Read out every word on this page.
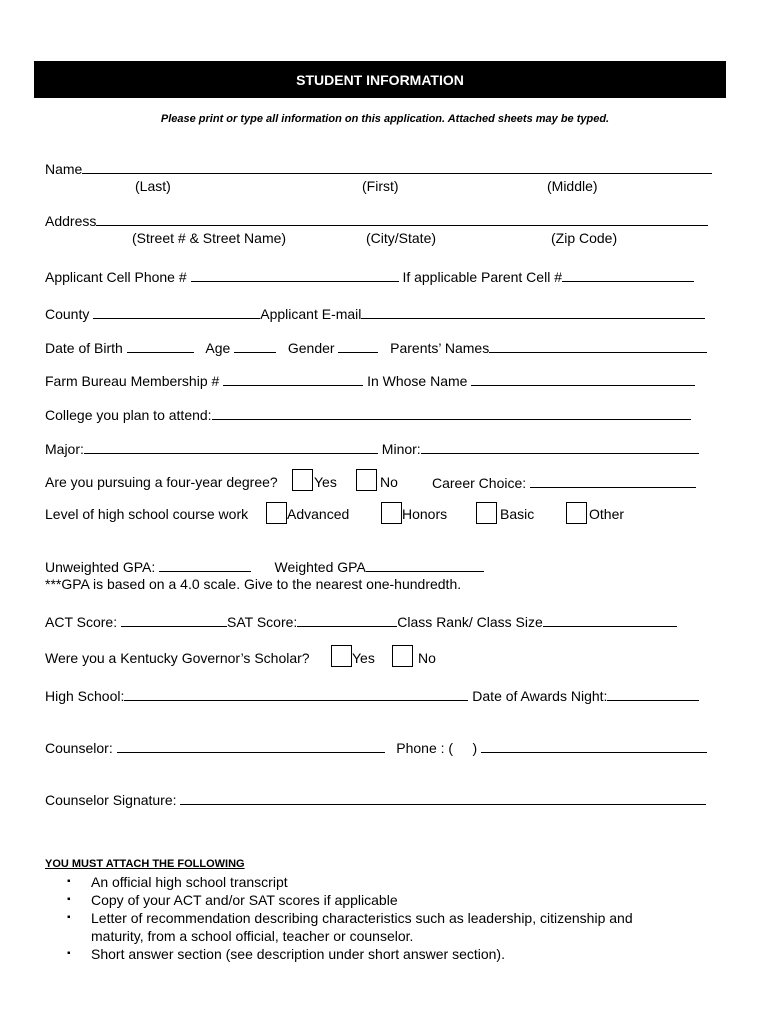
STUDENT INFORMATION
Please print or type all information on this application. Attached sheets may be typed.
Name
(Last)	(First)	(Middle)
Address
(Street # & Street Name)	(City/State)	(Zip Code)
Applicant Cell Phone #	If applicable Parent Cell #
County	Applicant E-mail
Date of Birth	Age	Gender	Parents’ Names
Farm Bureau Membership #	In Whose Name
College you plan to attend:
Major:	Minor:
Are you pursuing a four-year degree?	Yes	No Career Choice:
Level of high school course work	Advanced	Honors	Basic	Other
Unweighted GPA:	Weighted GPA
***GPA is based on a 4.0 scale. Give to the nearest one-hundredth.
ACT Score:	SAT Score:	Class Rank/ Class Size
Were you a Kentucky Governor’s Scholar?	Yes	No
High School:	Date of Awards Night:
Counselor:	Phone : ( )
Counselor Signature:
YOU MUST ATTACH THE FOLLOWING
▪ An official high school transcript
▪ Copy of your ACT and/or SAT scores if applicable
▪ Letter of recommendation describing characteristics such as leadership, citizenship and
maturity, from a school official, teacher or counselor.
▪ Short answer section (see description under short answer section).
